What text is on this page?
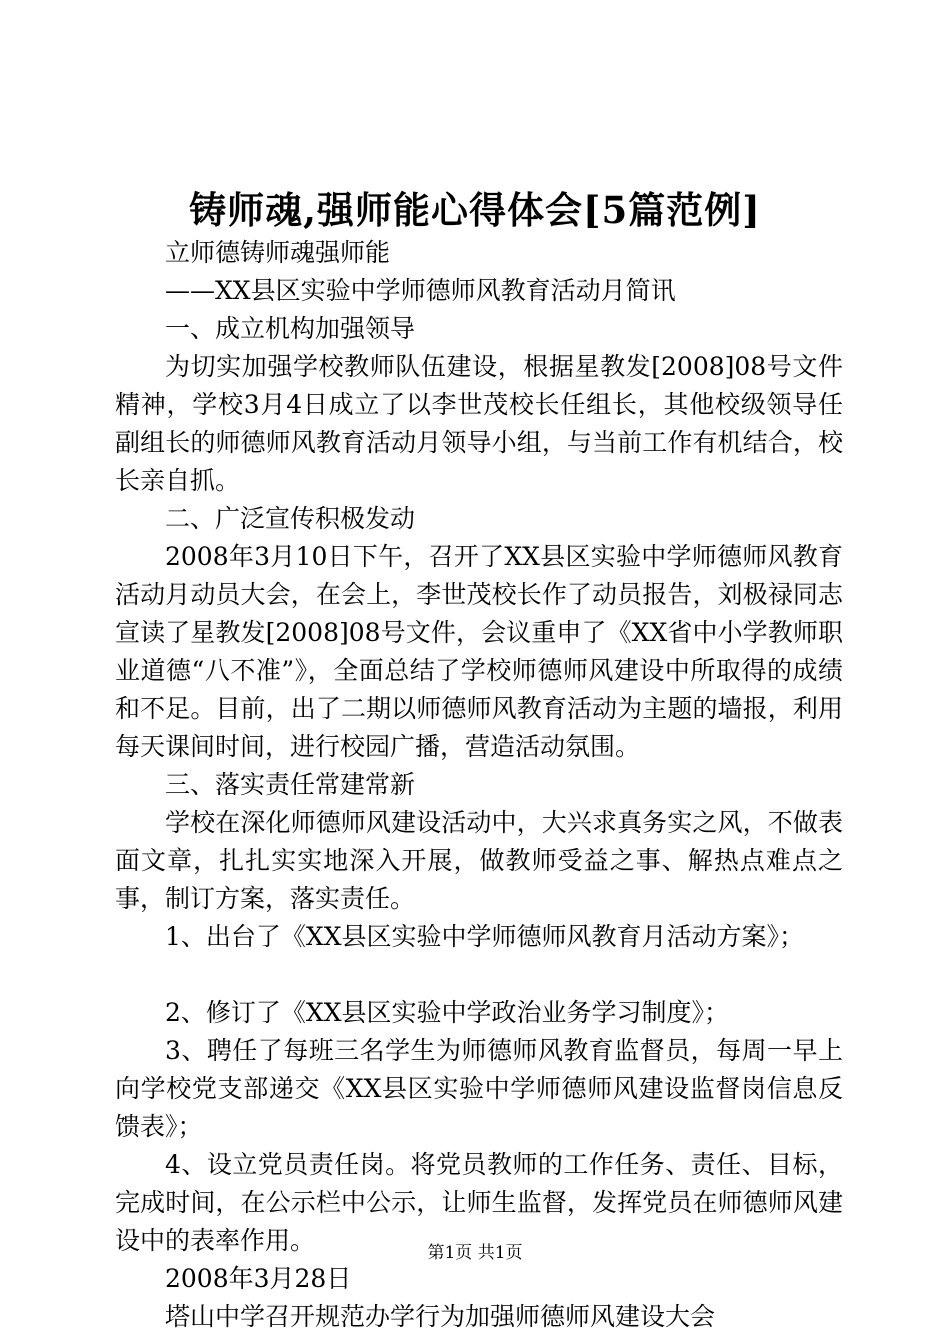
铸师魂,强师能心得体会[5篇范例]

立师德铸师魂强师能

——XX县区实验中学师德师风教育活动月简讯

一、成立机构加强领导

为切实加强学校教师队伍建设，根据星教发[2008]08号文件精神，学校3月4日成立了以李世茂校长任组长，其他校级领导任副组长的师德师风教育活动月领导小组，与当前工作有机结合，校长亲自抓。

二、广泛宣传积极发动

2008年3月10日下午，召开了XX县区实验中学师德师风教育活动月动员大会，在会上，李世茂校长作了动员报告，刘极禄同志宣读了星教发[2008]08号文件，会议重申了《XX省中小学教师职业道德“八不准”》，全面总结了学校师德师风建设中所取得的成绩和不足。目前，出了二期以师德师风教育活动为主题的墙报，利用每天课间时间，进行校园广播，营造活动氛围。

三、落实责任常建常新

学校在深化师德师风建设活动中，大兴求真务实之风，不做表面文章，扎扎实实地深入开展，做教师受益之事、解热点难点之事，制订方案，落实责任。

1、出台了《XX县区实验中学师德师风教育月活动方案》；

2、修订了《XX县区实验中学政治业务学习制度》；

3、聘任了每班三名学生为师德师风教育监督员，每周一早上向学校党支部递交《XX县区实验中学师德师风建设监督岗信息反馈表》；

4、设立党员责任岗。将党员教师的工作任务、责任、目标，完成时间，在公示栏中公示，让师生监督，发挥党员在师德师风建设中的表率作用。

2008年3月28日

塔山中学召开规范办学行为加强师德师风建设大会

第1页 共1页
